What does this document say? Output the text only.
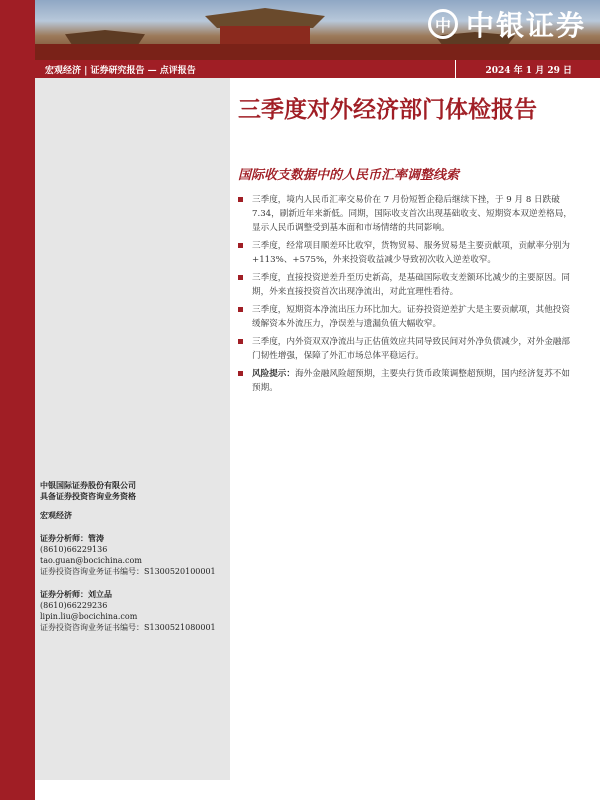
中 中银证券
宏观经济 | 证券研究报告 — 点评报告	2024 年 1 月 29 日
三季度对外经济部门体检报告
国际收支数据中的人民币汇率调整线索
三季度，境内人民币汇率交易价在 7 月份短暂企稳后继续下挫，于 9 月 8 日跌破 7.34，刷新近年来新低。同期，国际收支首次出现基础收支、短期资本双逆差格局，显示人民币调整受到基本面和市场情绪的共同影响。
三季度，经常项目顺差环比收窄，货物贸易、服务贸易是主要贡献项，贡献率分别为+113%、+575%，外来投资收益减少导致初次收入逆差收窄。
三季度，直接投资逆差升至历史新高，是基础国际收支差额环比减少的主要原因。同期，外来直接投资首次出现净流出，对此宜理性看待。
三季度，短期资本净流出压力环比加大。证券投资逆差扩大是主要贡献项，其他投资缓解资本外流压力，净误差与遗漏负值大幅收窄。
三季度，内外资双双净流出与正估值效应共同导致民间对外净负债减少，对外金融部门韧性增强，保障了外汇市场总体平稳运行。
风险提示：海外金融风险超预期，主要央行货币政策调整超预期，国内经济复苏不如预期。
中银国际证券股份有限公司
具备证券投资咨询业务资格
宏观经济
证券分析师：管涛
(8610)66229136
tao.guan@bocichina.com
证券投资咨询业务证书编号：S1300520100001
证券分析师：刘立品
(8610)66229236
lipin.liu@bocichina.com
证券投资咨询业务证书编号：S1300521080001
